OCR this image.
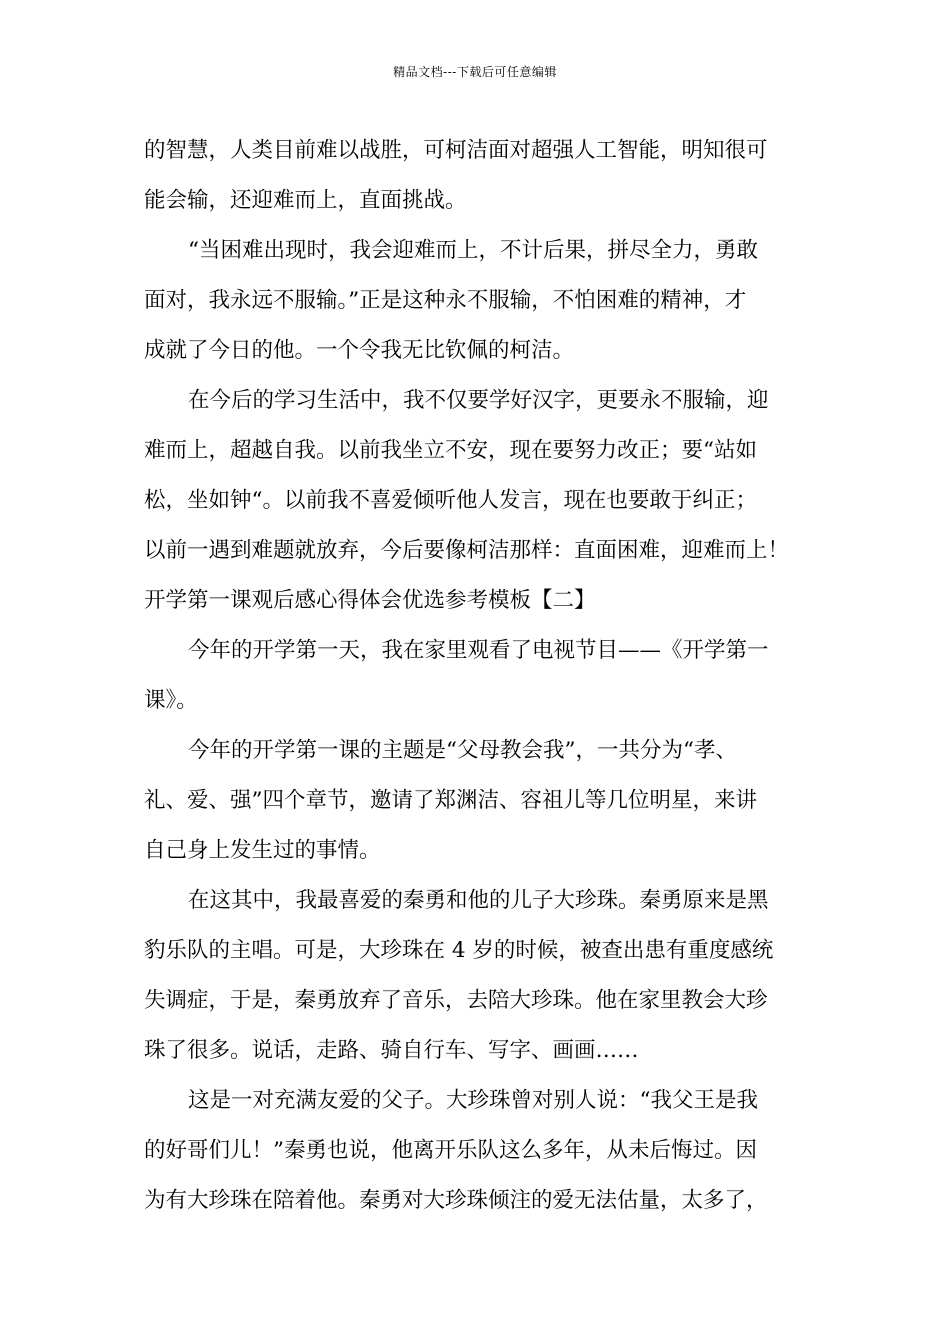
精品文档---下载后可任意编辑
的智慧，人类目前难以战胜，可柯洁面对超强人工智能，明知很可
能会输，还迎难而上，直面挑战。
“当困难出现时，我会迎难而上，不计后果，拼尽全力，勇敢
面对，我永远不服输。”正是这种永不服输，不怕困难的精神，才
成就了今日的他。一个令我无比钦佩的柯洁。
在今后的学习生活中，我不仅要学好汉字，更要永不服输，迎
难而上，超越自我。以前我坐立不安，现在要努力改正；要“站如
松，坐如钟“。以前我不喜爱倾听他人发言，现在也要敢于纠正；
以前一遇到难题就放弃，今后要像柯洁那样：直面困难，迎难而上！
开学第一课观后感心得体会优选参考模板【二】
今年的开学第一天，我在家里观看了电视节目——《开学第一
课》。
今年的开学第一课的主题是“父母教会我”，一共分为“孝、
礼、爱、强”四个章节，邀请了郑渊洁、容祖儿等几位明星，来讲
自己身上发生过的事情。
在这其中，我最喜爱的秦勇和他的儿子大珍珠。秦勇原来是黑
豹乐队的主唱。可是，大珍珠在 4 岁的时候，被查出患有重度感统
失调症，于是，秦勇放弃了音乐，去陪大珍珠。他在家里教会大珍
珠了很多。说话，走路、骑自行车、写字、画画……
这是一对充满友爱的父子。大珍珠曾对别人说：“我父王是我
的好哥们儿！”秦勇也说，他离开乐队这么多年，从未后悔过。因
为有大珍珠在陪着他。秦勇对大珍珠倾注的爱无法估量，太多了，
